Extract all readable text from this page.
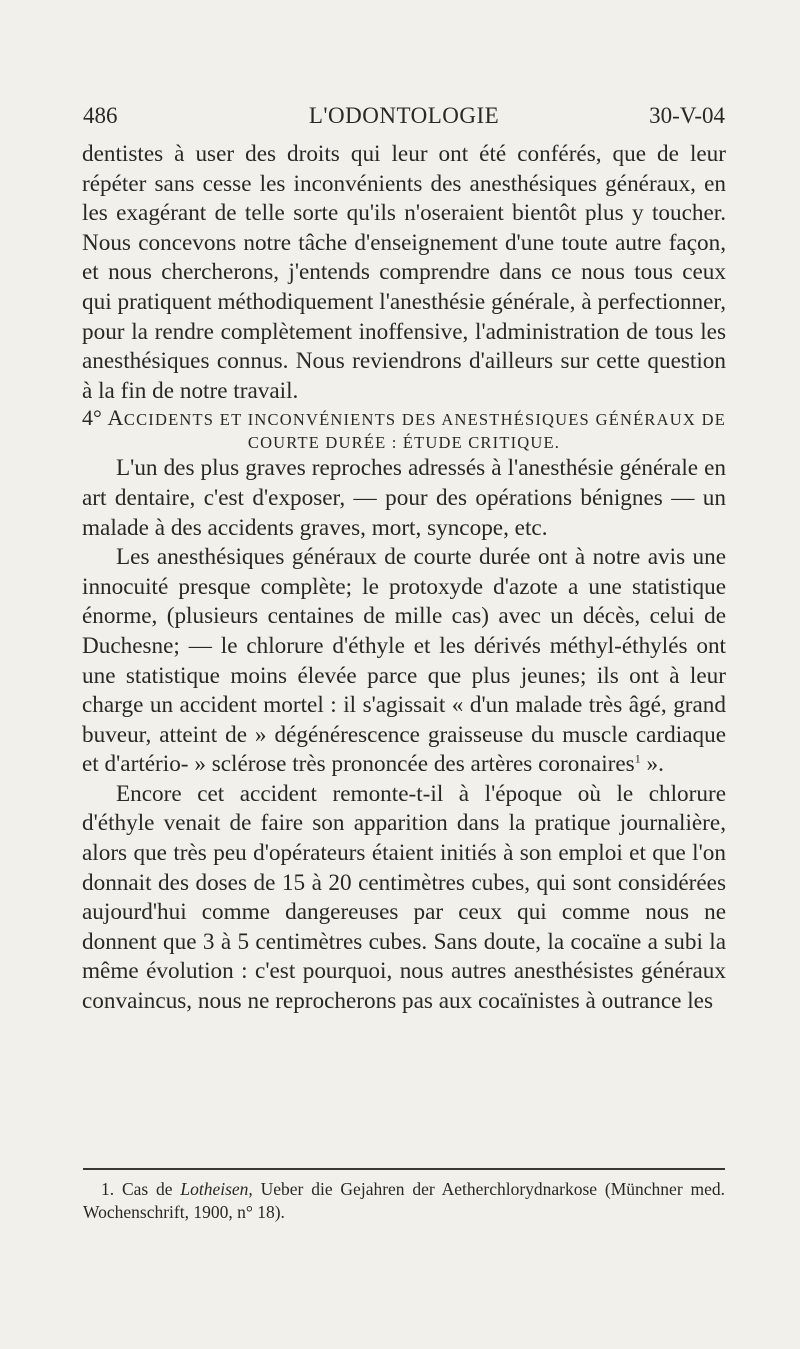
486	L'ODONTOLOGIE	30-V-04

dentistes à user des droits qui leur ont été conférés, que de leur répéter sans cesse les inconvénients des anesthésiques généraux, en les exagérant de telle sorte qu'ils n'oseraient bientôt plus y toucher. Nous concevons notre tâche d'enseignement d'une toute autre façon, et nous chercherons, j'entends comprendre dans ce nous tous ceux qui pratiquent méthodiquement l'anesthésie générale, à perfectionner, pour la rendre complètement inoffensive, l'administration de tous les anesthésiques connus. Nous reviendrons d'ailleurs sur cette question à la fin de notre travail.

4° ACCIDENTS ET INCONVÉNIENTS DES ANESTHÉSIQUES GÉNÉRAUX DE COURTE DURÉE : ÉTUDE CRITIQUE.

L'un des plus graves reproches adressés à l'anesthésie générale en art dentaire, c'est d'exposer, — pour des opérations bénignes — un malade à des accidents graves, mort, syncope, etc.

Les anesthésiques généraux de courte durée ont à notre avis une innocuité presque complète; le protoxyde d'azote a une statistique énorme, (plusieurs centaines de mille cas) avec un décès, celui de Duchesne; — le chlorure d'éthyle et les dérivés méthyl-éthylés ont une statistique moins élevée parce que plus jeunes; ils ont à leur charge un accident mortel : il s'agissait « d'un malade très âgé, grand buveur, atteint de » dégénérescence graisseuse du muscle cardiaque et d'artério- » sclérose très prononcée des artères coronaires$^1$ ».

Encore cet accident remonte-t-il à l'époque où le chlorure d'éthyle venait de faire son apparition dans la pratique journalière, alors que très peu d'opérateurs étaient initiés à son emploi et que l'on donnait des doses de 15 à 20 centimètres cubes, qui sont considérées aujourd'hui comme dangereuses par ceux qui comme nous ne donnent que 3 à 5 centimètres cubes. Sans doute, la cocaïne a subi la même évolution : c'est pourquoi, nous autres anesthésistes généraux convaincus, nous ne reprocherons pas aux cocaïnistes à outrance les

1. Cas de Lotheisen, Ueber die Gejahren der Aetherchlorydnarkose (Münchner med. Wochenschrift, 1900, n° 18).
